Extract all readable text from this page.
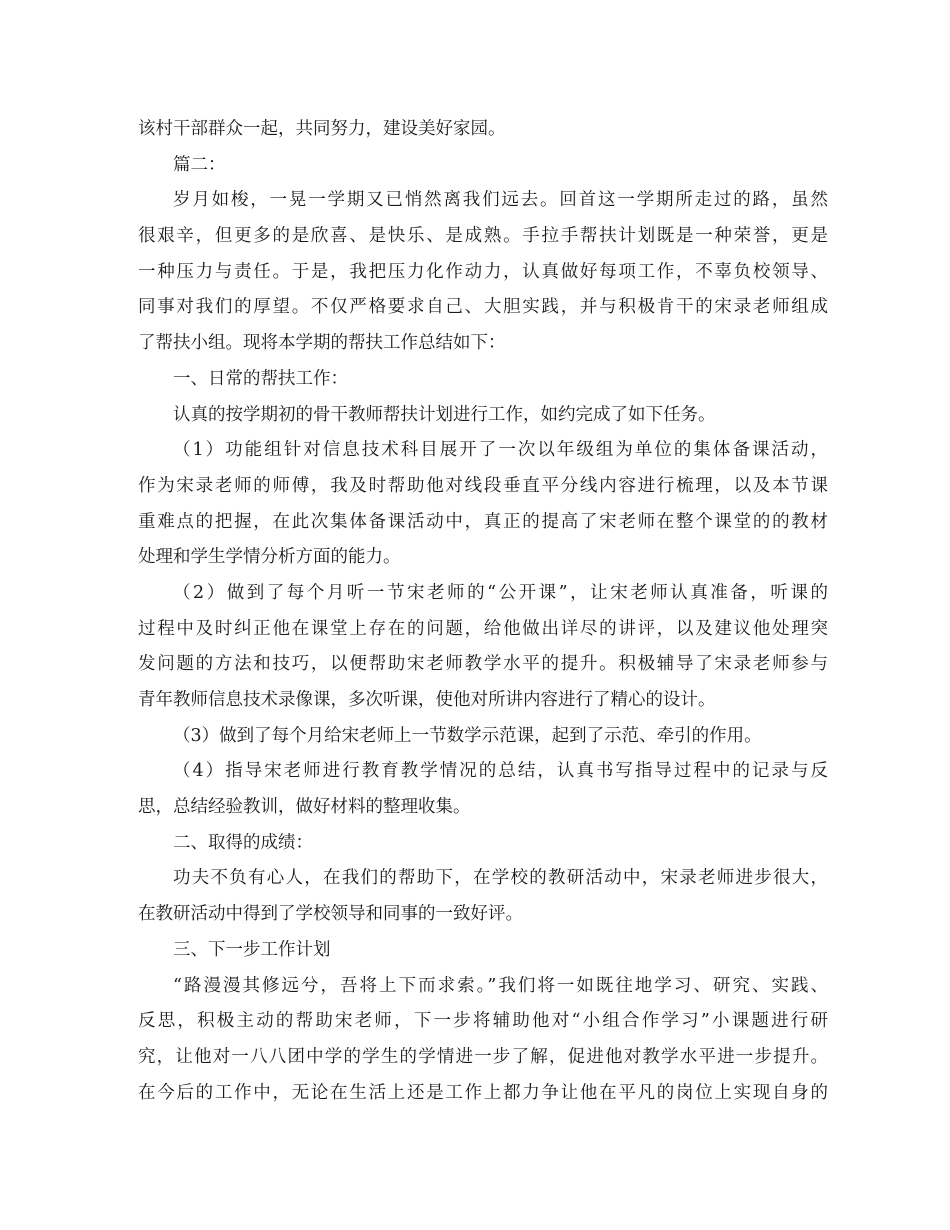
该村干部群众一起，共同努力，建设美好家园。
篇二：
岁月如梭，一晃一学期又已悄然离我们远去。回首这一学期所走过的路，虽然
很艰辛，但更多的是欣喜、是快乐、是成熟。手拉手帮扶计划既是一种荣誉，更是
一种压力与责任。于是，我把压力化作动力，认真做好每项工作，不辜负校领导、
同事对我们的厚望。不仅严格要求自己、大胆实践，并与积极肯干的宋录老师组成
了帮扶小组。现将本学期的帮扶工作总结如下：
一、日常的帮扶工作：
认真的按学期初的骨干教师帮扶计划进行工作，如约完成了如下任务。
（1）功能组针对信息技术科目展开了一次以年级组为单位的集体备课活动，
作为宋录老师的师傅，我及时帮助他对线段垂直平分线内容进行梳理，以及本节课
重难点的把握，在此次集体备课活动中，真正的提高了宋老师在整个课堂的的教材
处理和学生学情分析方面的能力。
（2）做到了每个月听一节宋老师的“公开课”，让宋老师认真准备，听课的
过程中及时纠正他在课堂上存在的问题，给他做出详尽的讲评，以及建议他处理突
发问题的方法和技巧，以便帮助宋老师教学水平的提升。积极辅导了宋录老师参与
青年教师信息技术录像课，多次听课，使他对所讲内容进行了精心的设计。
（3）做到了每个月给宋老师上一节数学示范课，起到了示范、牵引的作用。
（4）指导宋老师进行教育教学情况的总结，认真书写指导过程中的记录与反
思，总结经验教训，做好材料的整理收集。
二、取得的成绩：
功夫不负有心人，在我们的帮助下，在学校的教研活动中，宋录老师进步很大，
在教研活动中得到了学校领导和同事的一致好评。
三、下一步工作计划
“路漫漫其修远兮，吾将上下而求索。”我们将一如既往地学习、研究、实践、
反思，积极主动的帮助宋老师，下一步将辅助他对“小组合作学习”小课题进行研
究，让他对一八八团中学的学生的学情进一步了解，促进他对教学水平进一步提升。
在今后的工作中，无论在生活上还是工作上都力争让他在平凡的岗位上实现自身的
